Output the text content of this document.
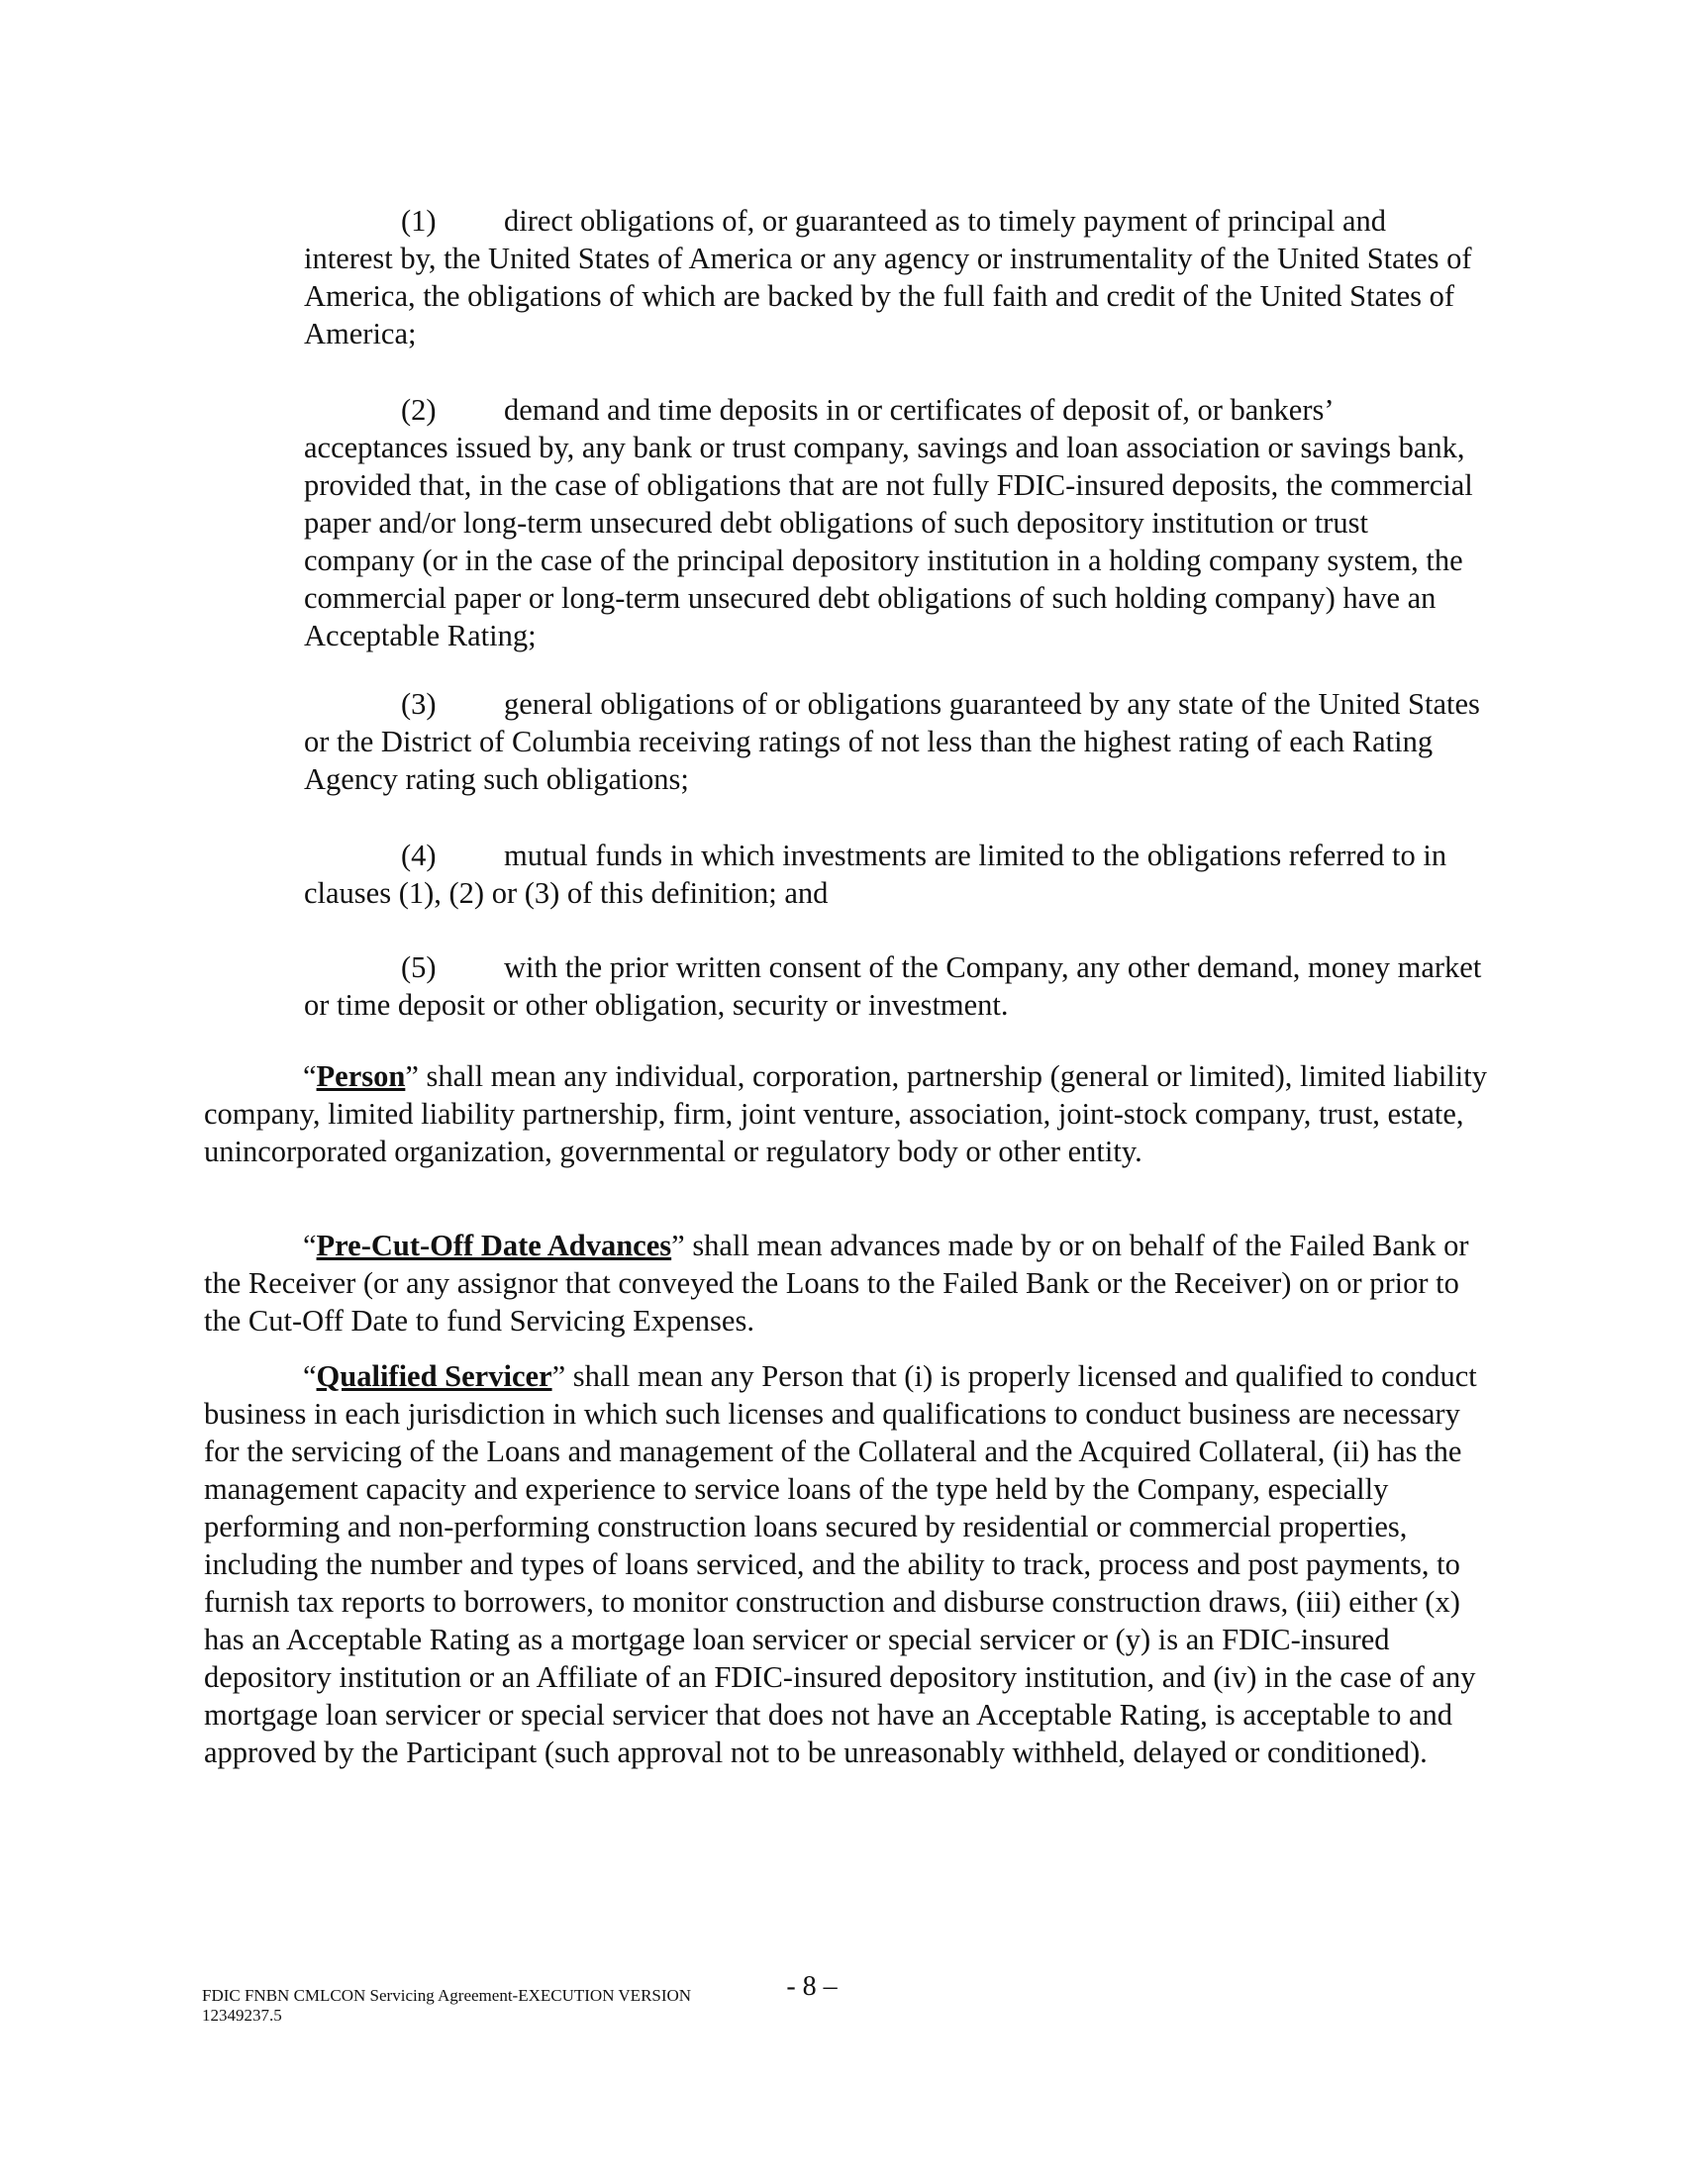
(1) direct obligations of, or guaranteed as to timely payment of principal and interest by, the United States of America or any agency or instrumentality of the United States of America, the obligations of which are backed by the full faith and credit of the United States of America;

(2) demand and time deposits in or certificates of deposit of, or bankers’ acceptances issued by, any bank or trust company, savings and loan association or savings bank, provided that, in the case of obligations that are not fully FDIC-insured deposits, the commercial paper and/or long-term unsecured debt obligations of such depository institution or trust company (or in the case of the principal depository institution in a holding company system, the commercial paper or long-term unsecured debt obligations of such holding company) have an Acceptable Rating;

(3) general obligations of or obligations guaranteed by any state of the United States or the District of Columbia receiving ratings of not less than the highest rating of each Rating Agency rating such obligations;

(4) mutual funds in which investments are limited to the obligations referred to in clauses (1), (2) or (3) of this definition; and

(5) with the prior written consent of the Company, any other demand, money market or time deposit or other obligation, security or investment.

“Person” shall mean any individual, corporation, partnership (general or limited), limited liability company, limited liability partnership, firm, joint venture, association, joint-stock company, trust, estate, unincorporated organization, governmental or regulatory body or other entity.

“Pre-Cut-Off Date Advances” shall mean advances made by or on behalf of the Failed Bank or the Receiver (or any assignor that conveyed the Loans to the Failed Bank or the Receiver) on or prior to the Cut-Off Date to fund Servicing Expenses.

“Qualified Servicer” shall mean any Person that (i) is properly licensed and qualified to conduct business in each jurisdiction in which such licenses and qualifications to conduct business are necessary for the servicing of the Loans and management of the Collateral and the Acquired Collateral, (ii) has the management capacity and experience to service loans of the type held by the Company, especially performing and non-performing construction loans secured by residential or commercial properties, including the number and types of loans serviced, and the ability to track, process and post payments, to furnish tax reports to borrowers, to monitor construction and disburse construction draws, (iii) either (x) has an Acceptable Rating as a mortgage loan servicer or special servicer or (y) is an FDIC-insured depository institution or an Affiliate of an FDIC-insured depository institution, and (iv) in the case of any mortgage loan servicer or special servicer that does not have an Acceptable Rating, is acceptable to and approved by the Participant (such approval not to be unreasonably withheld, delayed or conditioned).

- 8 –
FDIC FNBN CMLCON Servicing Agreement-EXECUTION VERSION
12349237.5
